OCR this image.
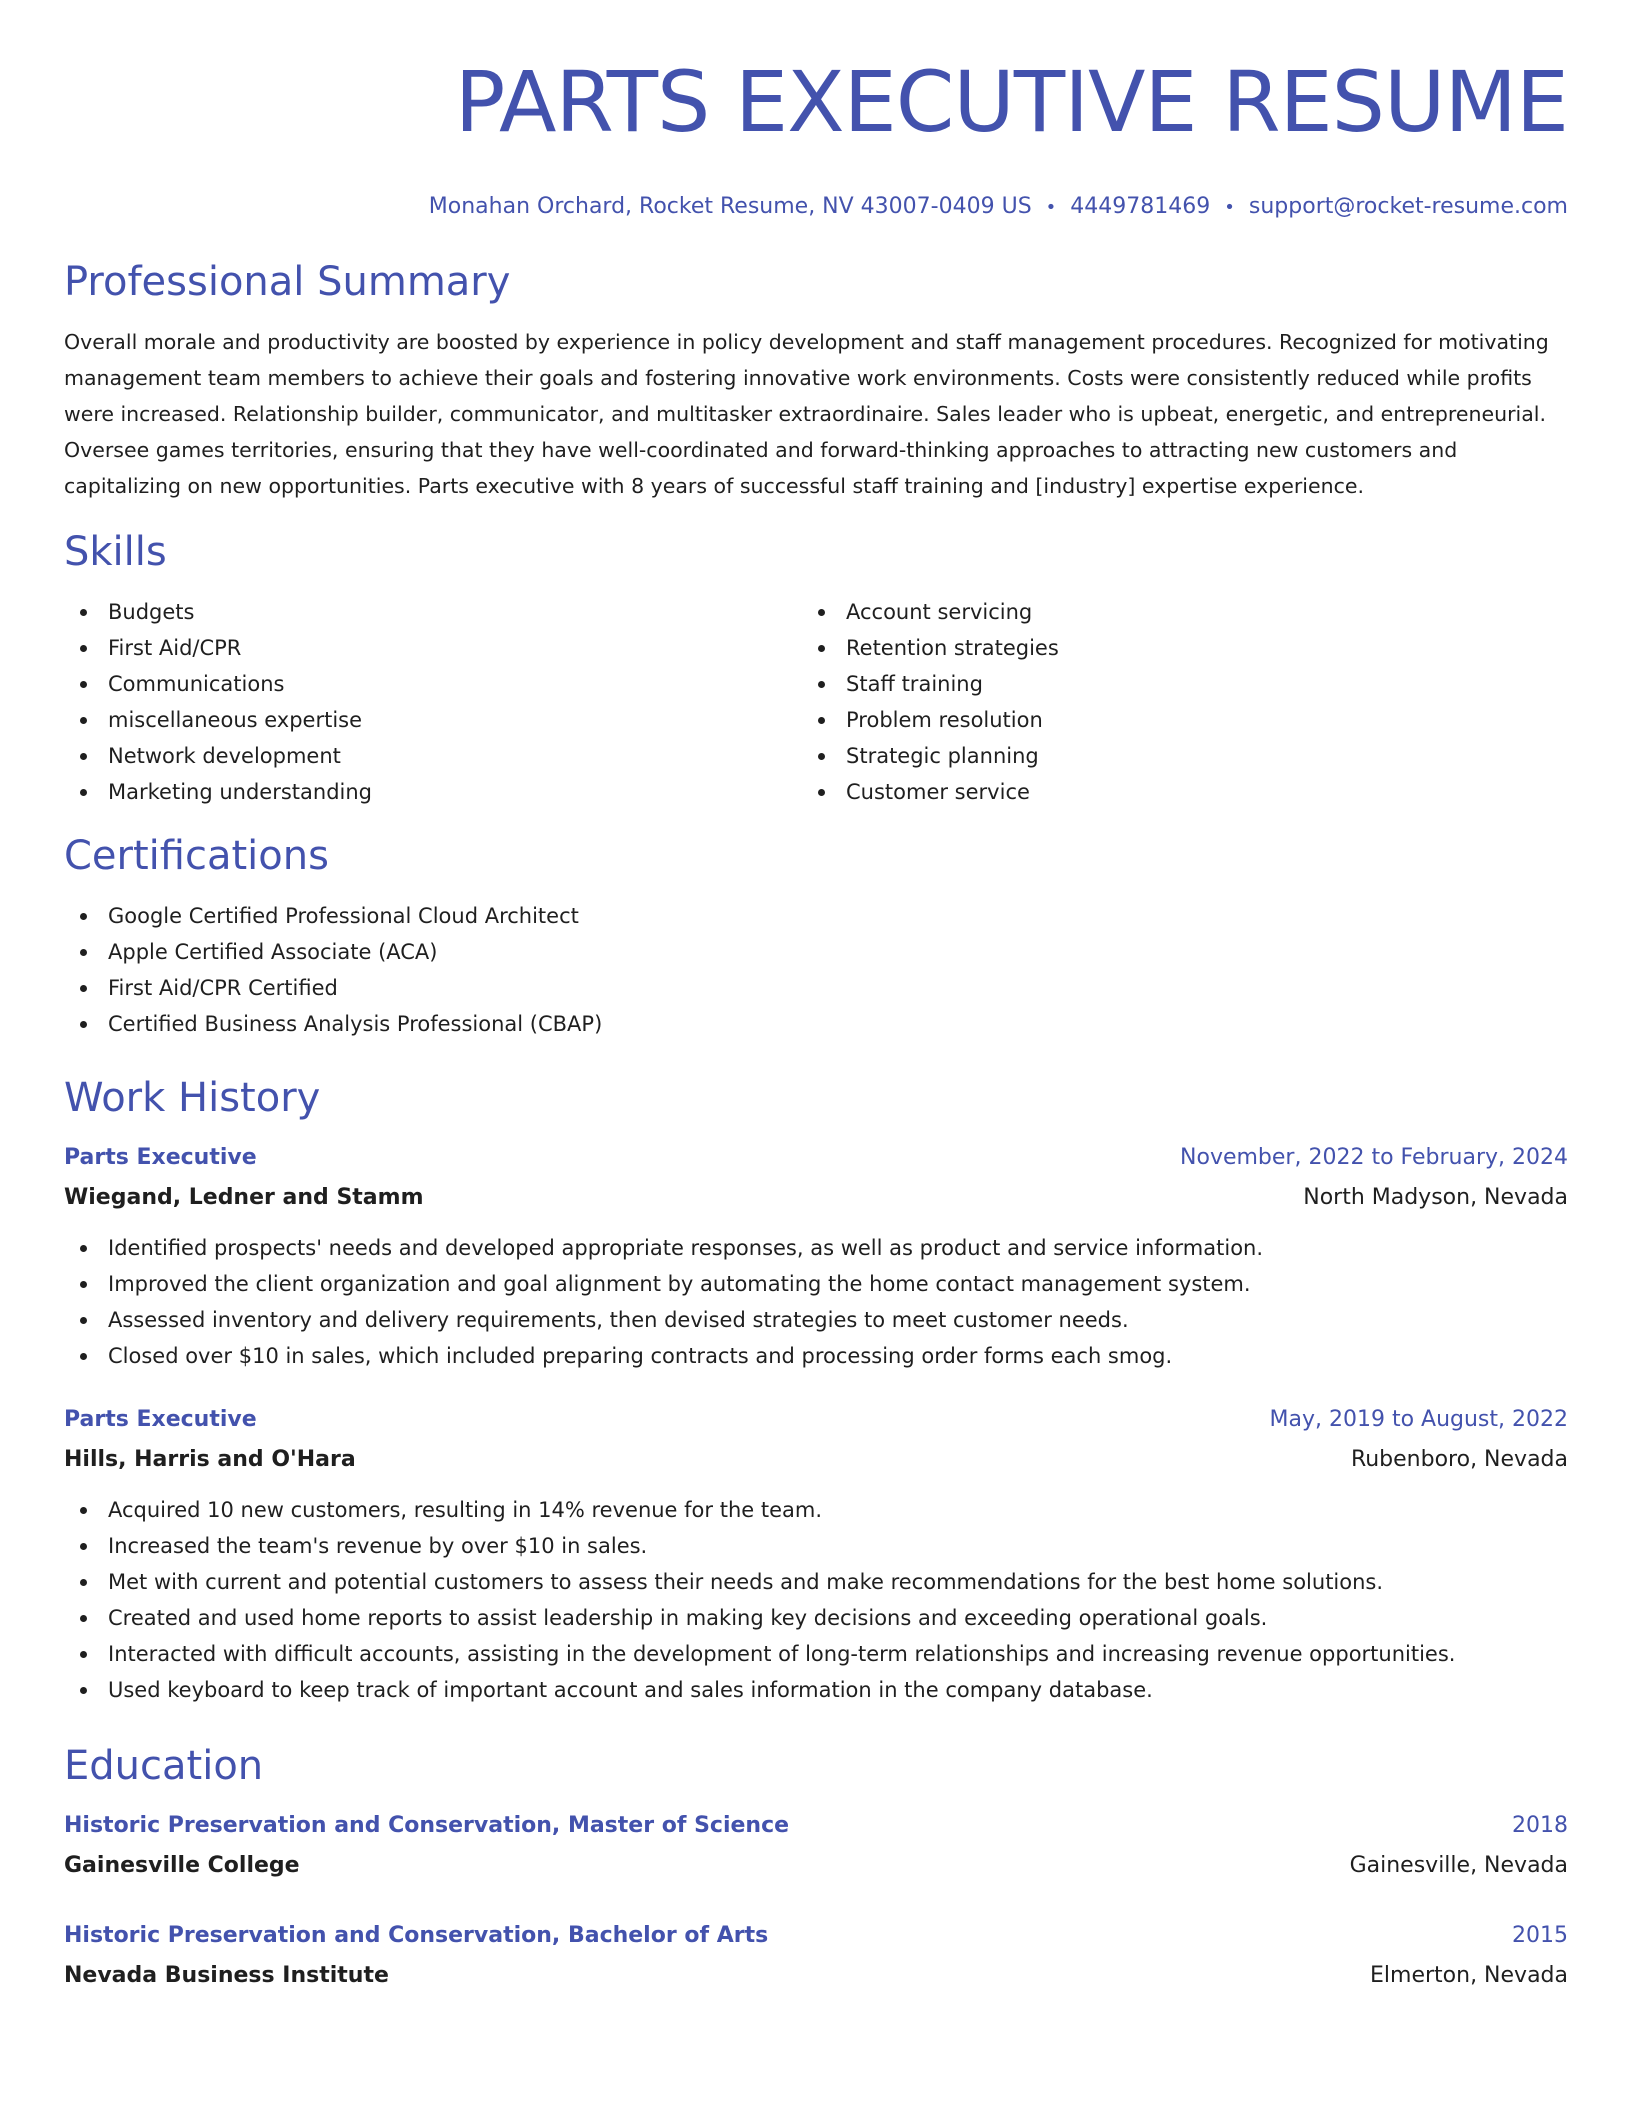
PARTS EXECUTIVE RESUME
Monahan Orchard, Rocket Resume, NV 43007-0409 US • 4449781469 • support@rocket-resume.com
Professional Summary

Overall morale and productivity are boosted by experience in policy development and staff management procedures. Recognized for motivating management team members to achieve their goals and fostering innovative work environments. Costs were consistently reduced while profits were increased. Relationship builder, communicator, and multitasker extraordinaire. Sales leader who is upbeat, energetic, and entrepreneurial. Oversee games territories, ensuring that they have well-coordinated and forward-thinking approaches to attracting new customers and capitalizing on new opportunities. Parts executive with 8 years of successful staff training and [industry] expertise experience.

Skills
Budgets
First Aid/CPR
Communications
miscellaneous expertise
Network development
Marketing understanding
Account servicing
Retention strategies
Staff training
Problem resolution
Strategic planning
Customer service
Certifications
Google Certified Professional Cloud Architect
Apple Certified Associate (ACA)
First Aid/CPR Certified
Certified Business Analysis Professional (CBAP)
Work History
Parts Executive	November, 2022 to February, 2024
Wiegand, Ledner and Stamm	North Madyson, Nevada
Identified prospects' needs and developed appropriate responses, as well as product and service information.
Improved the client organization and goal alignment by automating the home contact management system.
Assessed inventory and delivery requirements, then devised strategies to meet customer needs.
Closed over $10 in sales, which included preparing contracts and processing order forms each smog.
Parts Executive	May, 2019 to August, 2022
Hills, Harris and O'Hara	Rubenboro, Nevada
Acquired 10 new customers, resulting in 14% revenue for the team.
Increased the team's revenue by over $10 in sales.
Met with current and potential customers to assess their needs and make recommendations for the best home solutions.
Created and used home reports to assist leadership in making key decisions and exceeding operational goals.
Interacted with difficult accounts, assisting in the development of long-term relationships and increasing revenue opportunities.
Used keyboard to keep track of important account and sales information in the company database.
Education
Historic Preservation and Conservation, Master of Science	2018
Gainesville College	Gainesville, Nevada
Historic Preservation and Conservation, Bachelor of Arts	2015
Nevada Business Institute	Elmerton, Nevada
